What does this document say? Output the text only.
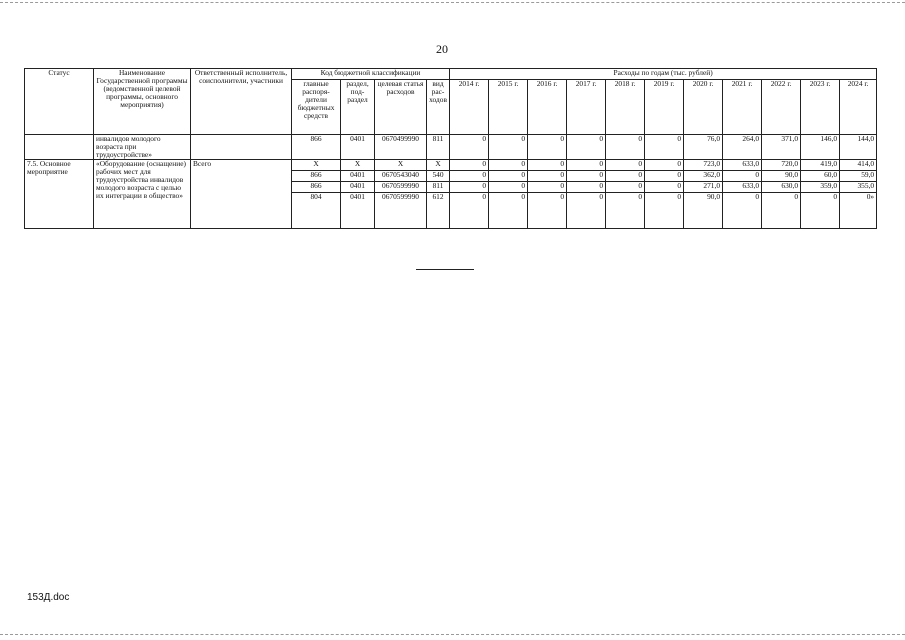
20
Статус	Наименование Государственной программы (ведомственной целевой программы, основного мероприятия)	Ответственный исполнитель, соисполнители, участники	Код бюджетной классификации				Расходы по годам (тыс. рублей)										
			главные распоря-дители бюджетных средств	раздел, под-раздел	целевая статья расходов	вид рас-ходов	2014 г.	2015 г.	2016 г.	2017 г.	2018 г.	2019 г.	2020 г.	2021 г.	2022 г.	2023 г.	2024 г.
	инвалидов молодого возраста при трудоустройстве»		866	0401	0670499990	811	0	0	0	0	0	0	76,0	264,0	371,0	146,0	144,0
7.5. Основное мероприятие	«Оборудование (оснащение) рабочих мест для трудоустройства инвалидов молодого возраста с целью их интеграции в общество»	Всего	X	X	X	X	0	0	0	0	0	0	723,0	633,0	720,0	419,0	414,0
			866	0401	0670543040	540	0	0	0	0	0	0	362,0	0	90,0	60,0	59,0
			866	0401	0670599990	811	0	0	0	0	0	0	271,0	633,0	630,0	359,0	355,0
			804	0401	0670599990	612	0	0	0	0	0	0	90,0	0	0	0	0»
153Д.doc
